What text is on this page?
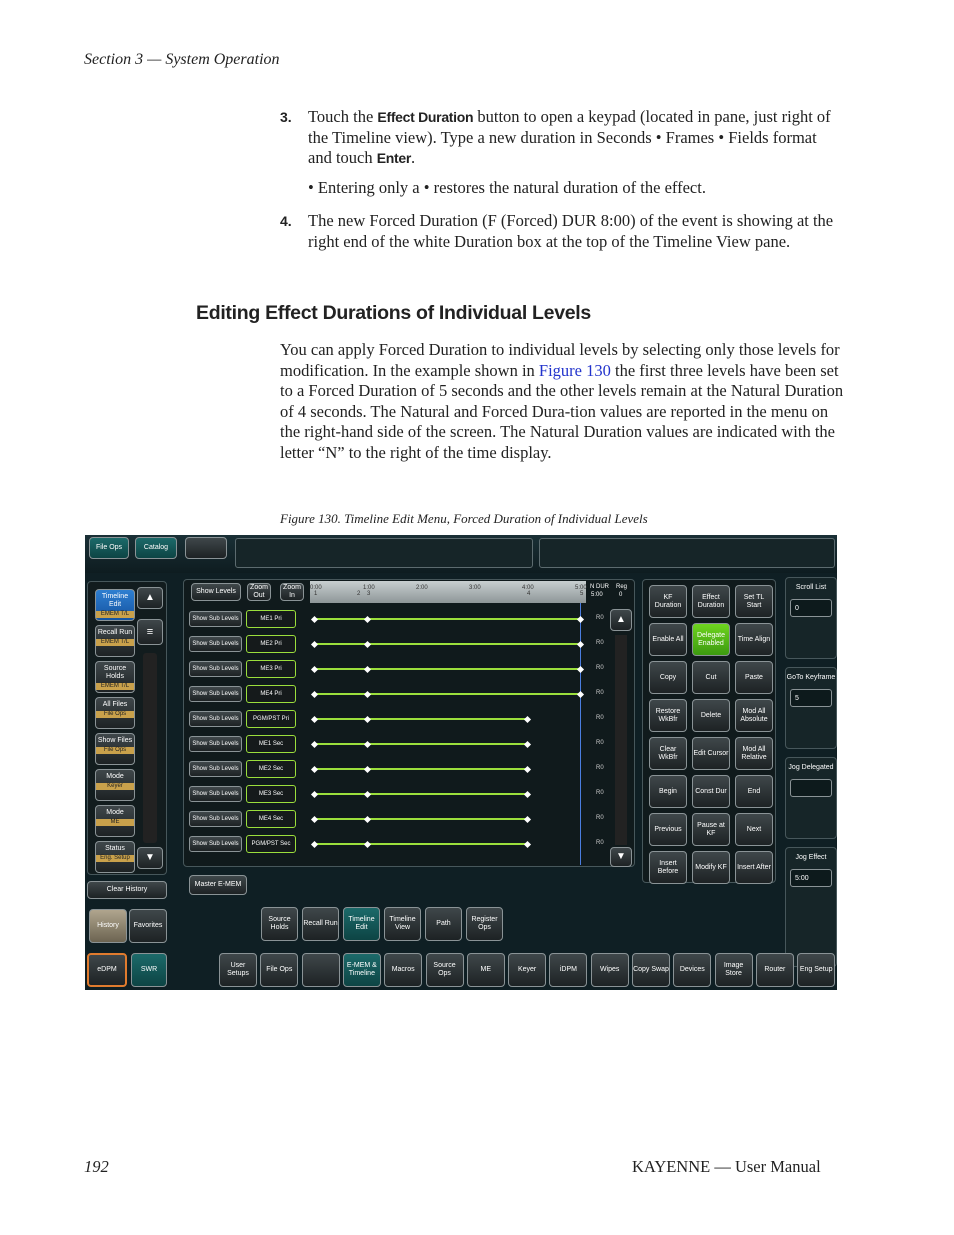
Section 3 — System Operation
3. Touch the Effect Duration button to open a keypad (located in pane, just right of the Timeline view). Type a new duration in Seconds • Frames • Fields format and touch Enter.
• Entering only a • restores the natural duration of the effect.
4. The new Forced Duration (F (Forced) DUR 8:00) of the event is showing at the right end of the white Duration box at the top of the Timeline View pane.
Editing Effect Durations of Individual Levels
You can apply Forced Duration to individual levels by selecting only those levels for modification. In the example shown in Figure 130 the first three levels have been set to a Forced Duration of 5 seconds and the other levels remain at the Natural Duration of 4 seconds. The Natural and Forced Dura-tion values are reported in the menu on the right-hand side of the screen. The Natural Duration values are indicated with the letter “N” to the right of the time display.
Figure 130. Timeline Edit Menu, Forced Duration of Individual Levels
File Ops	Catalog
▲
≡
▼
Clear History
History Favorites
Show Levels
Zoom Out
Zoom In
N DUR
5:00
Reg
0
▲
▼
Master E-MEM
eDPM	SWR
Timeline Edit
EMEM T/L
Recall Run
EMEM T/L
Source Holds
EMEM T/L
All Files
File Ops
Show Files
File Ops
Mode
Keyer
Mode
ME
Status
Eng. Setup
0:00	1:00	2:00	3:00	4:00	5:00
1	2 3	4	5
Show Sub Levels	ME1 Pri	R0
Show Sub Levels	ME2 Pri	R0
Show Sub Levels	ME3 Pri	R0
Show Sub Levels	ME4 Pri	R0
Show Sub Levels PGM/PST Pri	R0
Show Sub Levels	ME1 Sec	R0
Show Sub Levels	ME2 Sec	R0
Show Sub Levels	ME3 Sec	R0
Show Sub Levels	ME4 Sec	R0
Show Sub Levels PGM/PST Sec	R0
KF Duration
Effect Duration
Set TL Start
Enable All
Delegate Enabled
Time Align
Copy	Cut	Paste
Restore WkBfr
Delete
Mod All Absolute
Clear WkBfr
Edit Cursor
Mod All Relative
Begin	Const Dur	End
Previous
Pause at KF
Next
Insert Before
Modify KF Insert After
Scroll List
0
GoTo Keyframe
5
Jog Delegated
Jog Effect
5:00
Source Holds
Recall Run
Timeline Edit
Timeline View
Path
Register Ops
User Setups
File Ops
E-MEM & Timeline
Macros
Source Ops
ME	Keyer	iDPM	Wipes Copy Swap Devices
Image Store
Router Eng Setup
192	KAYENNE — User Manual
